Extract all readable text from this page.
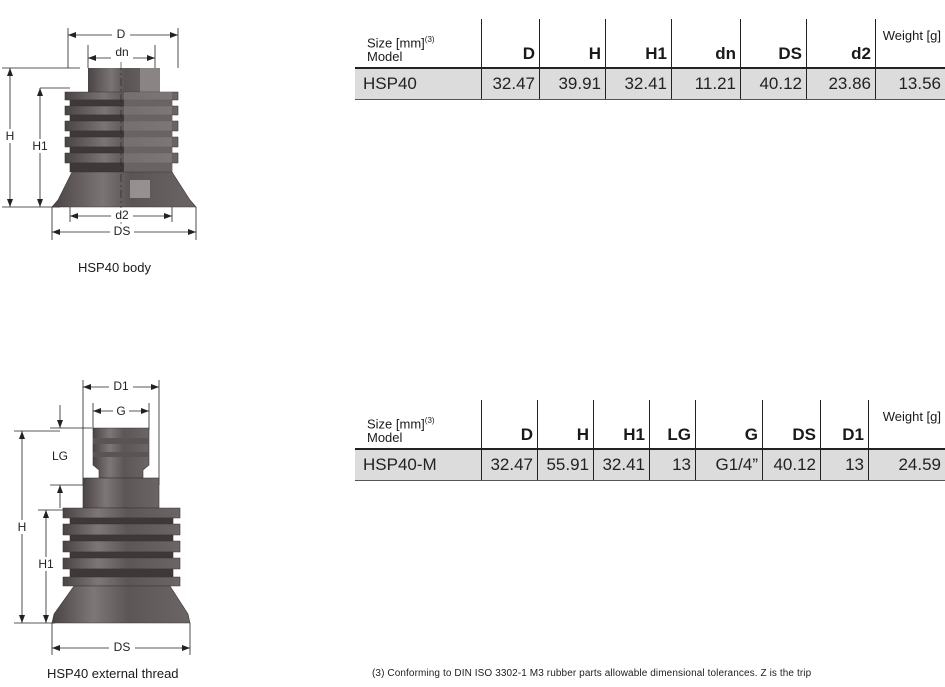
D
dn
H
H1
d2
DS
HSP40 body
Size [mm]$^{(3)}$
Model	D	H	H1	dn	DS	d2	Weight [g]
HSP40	32.47	39.91	32.41	11.21	40.12	23.86	13.56
D1
G
LG
H
H1
DS
HSP40 external thread
Size [mm]$^{(3)}$
Model	D	H	H1	LG	G	DS	D1	Weight [g]
HSP40-M	32.47	55.91	32.41	13	G1/4”	40.12	13	24.59
(3) Conforming to DIN ISO 3302-1 M3 rubber parts allowable dimensional tolerances. Z is the trip
